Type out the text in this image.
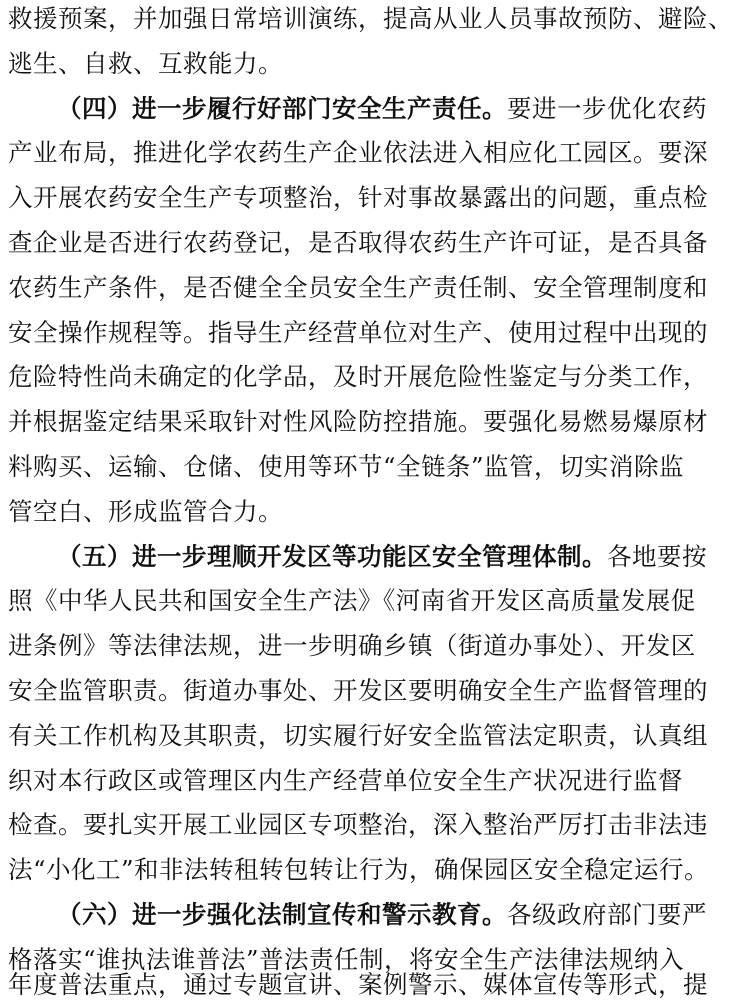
救援预案，并加强日常培训演练，提高从业人员事故预防、避险、
逃生、自救、互救能力。
（四）进一步履行好部门安全生产责任。要进一步优化农药
产业布局，推进化学农药生产企业依法进入相应化工园区。要深
入开展农药安全生产专项整治，针对事故暴露出的问题，重点检
查企业是否进行农药登记，是否取得农药生产许可证，是否具备
农药生产条件，是否健全全员安全生产责任制、安全管理制度和
安全操作规程等。指导生产经营单位对生产、使用过程中出现的
危险特性尚未确定的化学品，及时开展危险性鉴定与分类工作，
并根据鉴定结果采取针对性风险防控措施。要强化易燃易爆原材
料购买、运输、仓储、使用等环节“全链条”监管，切实消除监
管空白、形成监管合力。
（五）进一步理顺开发区等功能区安全管理体制。各地要按
照《中华人民共和国安全生产法》《河南省开发区高质量发展促
进条例》等法律法规，进一步明确乡镇（街道办事处）、开发区
安全监管职责。街道办事处、开发区要明确安全生产监督管理的
有关工作机构及其职责，切实履行好安全监管法定职责，认真组
织对本行政区或管理区内生产经营单位安全生产状况进行监督
检查。要扎实开展工业园区专项整治，深入整治严厉打击非法违
法“小化工”和非法转租转包转让行为，确保园区安全稳定运行。
（六）进一步强化法制宣传和警示教育。各级政府部门要严
格落实“谁执法谁普法”普法责任制，将安全生产法律法规纳入
年度普法重点，通过专题宣讲、案例警示、媒体宣传等形式，提
